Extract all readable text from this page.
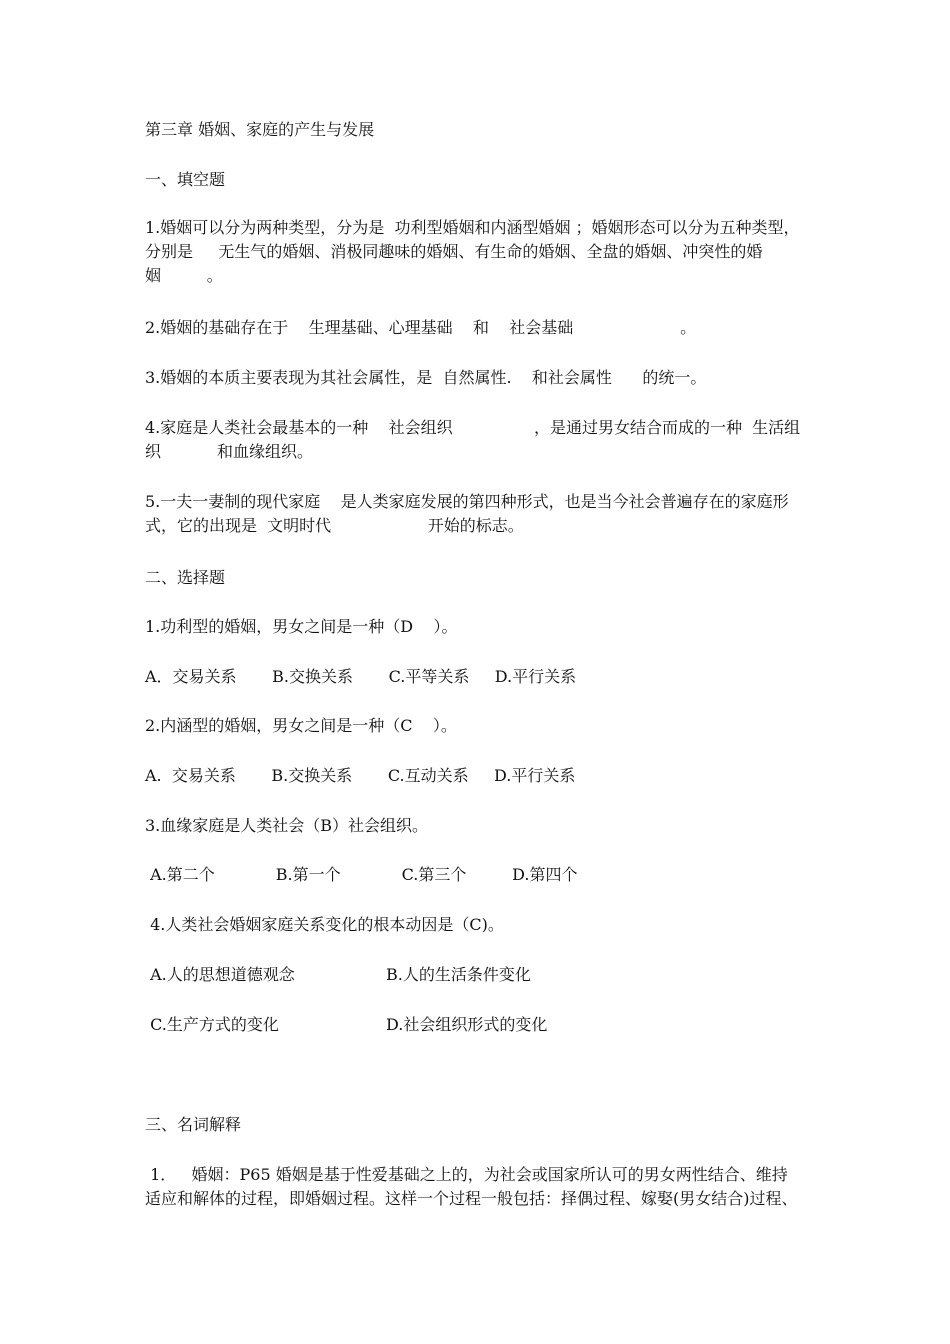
第三章 婚姻、家庭的产生与发展
一、填空题
1.婚姻可以分为两种类型，分为是  功利型婚姻和内涵型婚姻 ；婚姻形态可以分为五种类型，
分别是     无生气的婚姻、消极同趣味的婚姻、有生命的婚姻、全盘的婚姻、冲突性的婚
姻         。
2.婚姻的基础存在于    生理基础、心理基础    和    社会基础                     。
3.婚姻的本质主要表现为其社会属性，是  自然属性.    和社会属性      的统一。
4.家庭是人类社会最基本的一种    社会组织                ，是通过男女结合而成的一种  生活组
织           和血缘组织。
5.一夫一妻制的现代家庭    是人类家庭发展的第四种形式，也是当今社会普遍存在的家庭形
式，它的出现是  文明时代                   开始的标志。
二、选择题
1.功利型的婚姻，男女之间是一种（D    ）。
A．交易关系       B.交换关系       C.平等关系     D.平行关系
2.内涵型的婚姻，男女之间是一种（C    ）。
A.  交易关系       B.交换关系       C.互动关系     D.平行关系
3.血缘家庭是人类社会（B）社会组织。
A.第二个            B.第一个            C.第三个         D.第四个
4.人类社会婚姻家庭关系变化的根本动因是（C)。
A.人的思想道德观念	B.人的生活条件变化
C.生产方式的变化	D.社会组织形式的变化
三、名词解释
1．   婚姻：P65 婚姻是基于性爱基础之上的，为社会或国家所认可的男女两性结合、维持
适应和解体的过程，即婚姻过程。这样一个过程一般包括：择偶过程、嫁娶(男女结合)过程、
